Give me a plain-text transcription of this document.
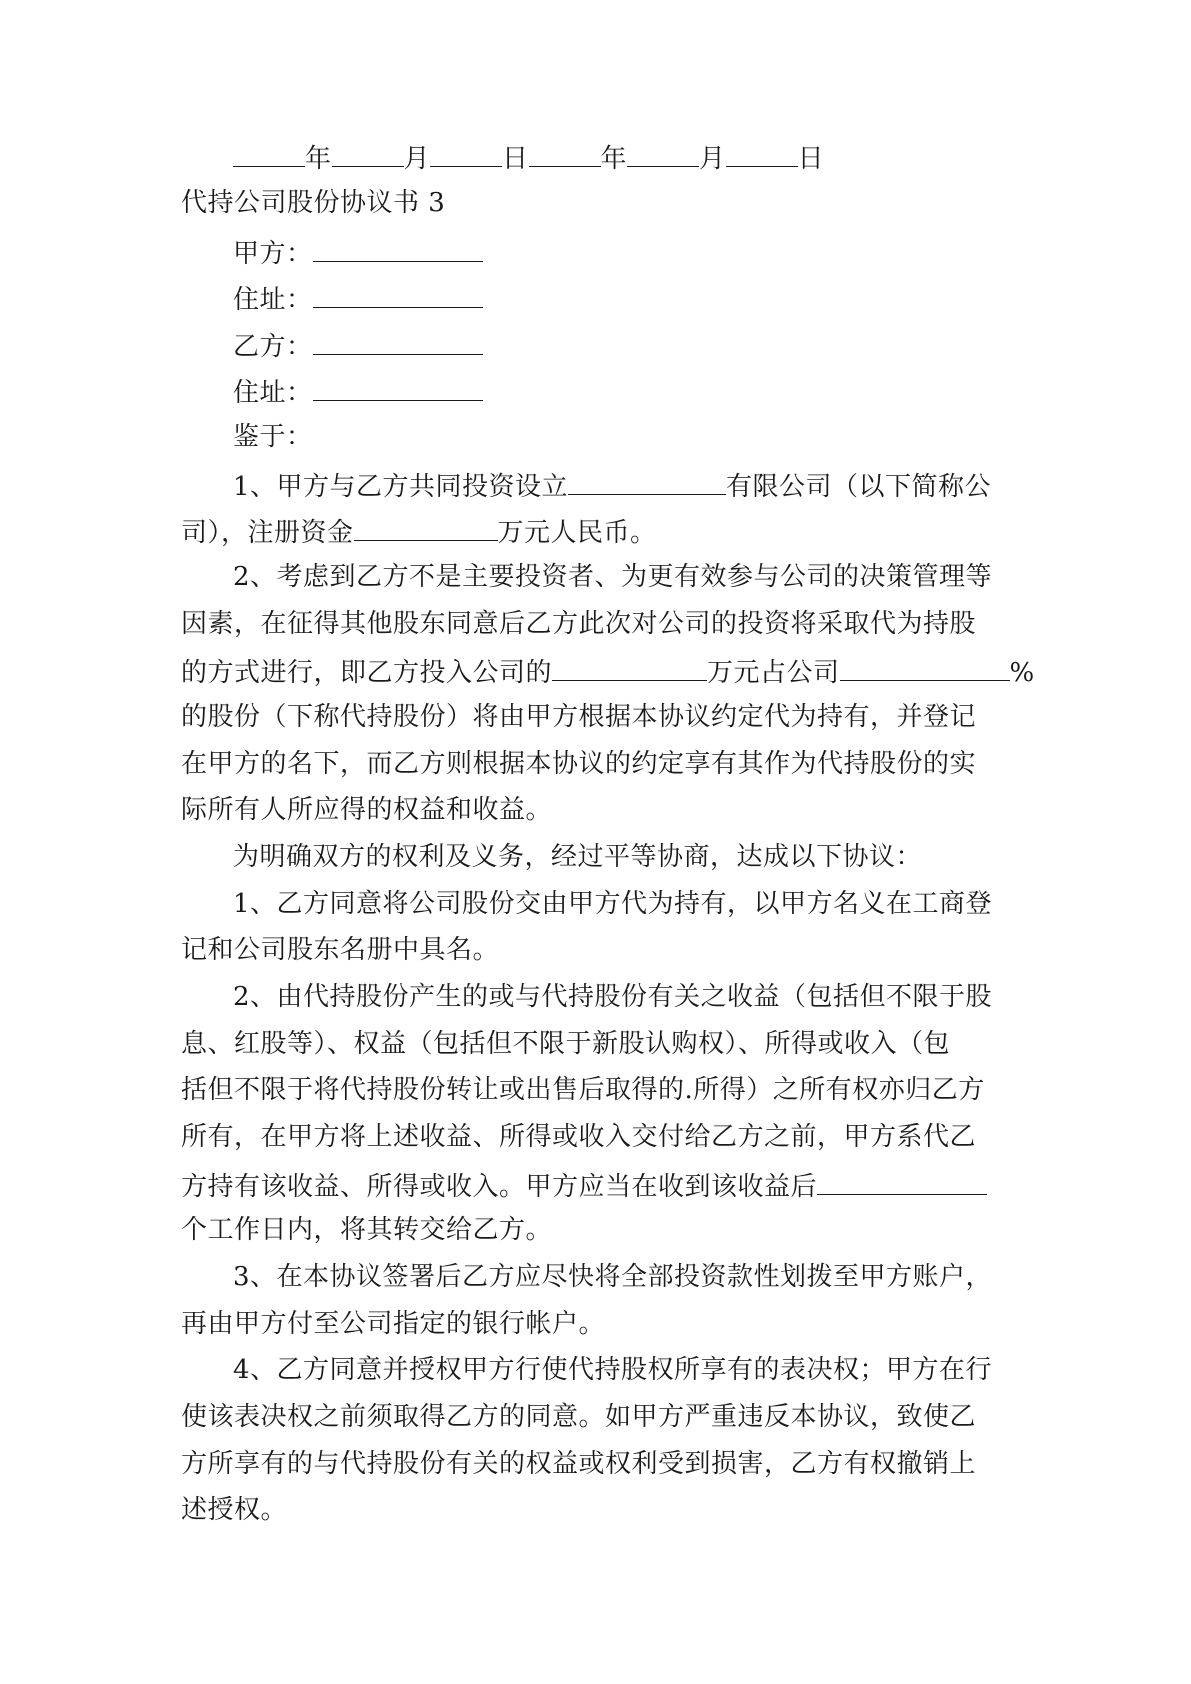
年	月	日	年	月	日
代持公司股份协议书 3
甲方：
住址：
乙方：
住址：
鉴于：
1、甲方与乙方共同投资设立	有限公司（以下简称公
司），注册资金	万元人民币。
2、考虑到乙方不是主要投资者、为更有效参与公司的决策管理等
因素，在征得其他股东同意后乙方此次对公司的投资将采取代为持股
的方式进行，即乙方投入公司的	万元占公司	%
的股份（下称代持股份）将由甲方根据本协议约定代为持有，并登记
在甲方的名下，而乙方则根据本协议的约定享有其作为代持股份的实
际所有人所应得的权益和收益。
为明确双方的权利及义务，经过平等协商，达成以下协议：
1、乙方同意将公司股份交由甲方代为持有，以甲方名义在工商登
记和公司股东名册中具名。
2、由代持股份产生的或与代持股份有关之收益（包括但不限于股
息、红股等）、权益（包括但不限于新股认购权）、所得或收入（包
括但不限于将代持股份转让或出售后取得的.所得）之所有权亦归乙方
所有，在甲方将上述收益、所得或收入交付给乙方之前，甲方系代乙
方持有该收益、所得或收入。甲方应当在收到该收益后
个工作日内，将其转交给乙方。
3、在本协议签署后乙方应尽快将全部投资款性划拨至甲方账户，
再由甲方付至公司指定的银行帐户。
4、乙方同意并授权甲方行使代持股权所享有的表决权；甲方在行
使该表决权之前须取得乙方的同意。如甲方严重违反本协议，致使乙
方所享有的与代持股份有关的权益或权利受到损害，乙方有权撤销上
述授权。
